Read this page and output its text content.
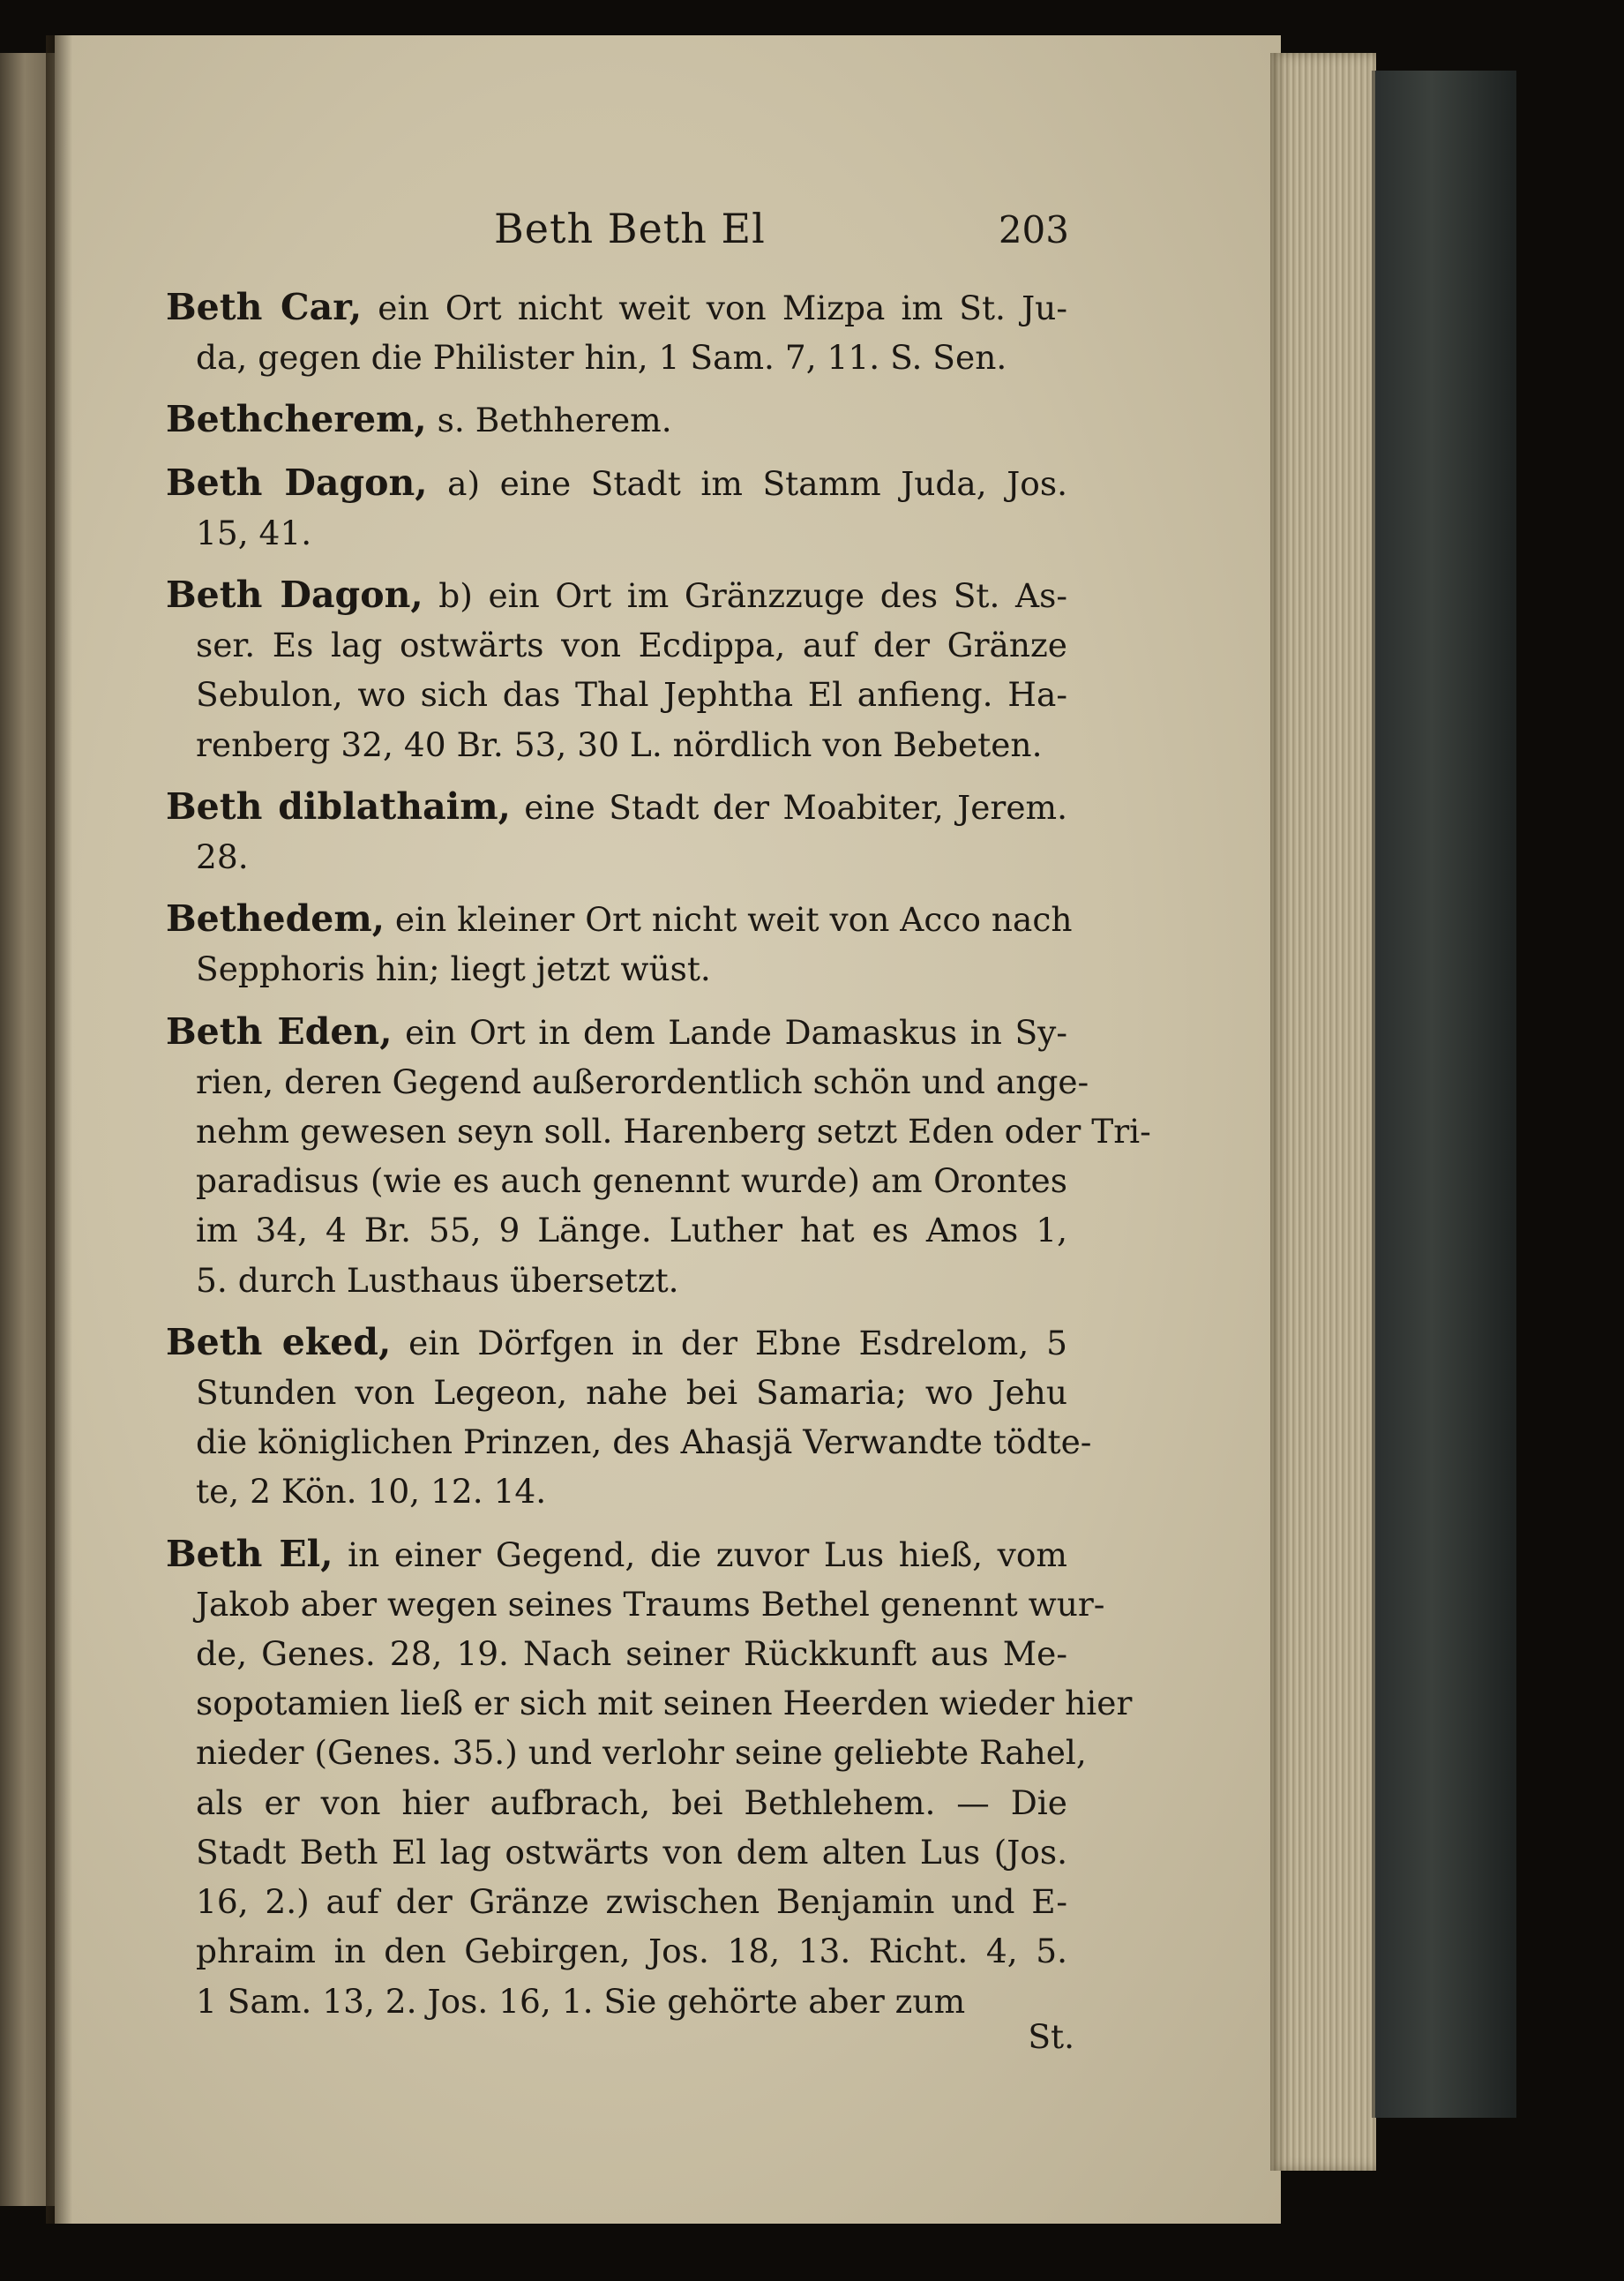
Beth Beth El	203
Beth Car, ein Ort nicht weit von Mizpa im St. Ju-
da, gegen die Philister hin, 1 Sam. 7, 11. S. Sen.
Bethcherem, s. Bethherem.
Beth Dagon, a) eine Stadt im Stamm Juda, Jos.
15, 41.
Beth Dagon, b) ein Ort im Gränzzuge des St. As-
ser. Es lag ostwärts von Ecdippa, auf der Gränze
Sebulon, wo sich das Thal Jephtha El anfieng. Ha-
renberg 32, 40 Br. 53, 30 L. nördlich von Bebeten.
Beth diblathaim, eine Stadt der Moabiter, Jerem.
28.
Bethedem, ein kleiner Ort nicht weit von Acco nach
Sepphoris hin; liegt jetzt wüst.
Beth Eden, ein Ort in dem Lande Damaskus in Sy-
rien, deren Gegend außerordentlich schön und ange-
nehm gewesen seyn soll. Harenberg setzt Eden oder Tri-
paradisus (wie es auch genennt wurde) am Orontes
im 34, 4 Br. 55, 9 Länge. Luther hat es Amos 1,
5. durch Lusthaus übersetzt.
Beth eked, ein Dörfgen in der Ebne Esdrelom, 5
Stunden von Legeon, nahe bei Samaria; wo Jehu
die königlichen Prinzen, des Ahasjä Verwandte tödte-
te, 2 Kön. 10, 12. 14.
Beth El, in einer Gegend, die zuvor Lus hieß, vom
Jakob aber wegen seines Traums Bethel genennt wur-
de, Genes. 28, 19. Nach seiner Rückkunft aus Me-
sopotamien ließ er sich mit seinen Heerden wieder hier
nieder (Genes. 35.) und verlohr seine geliebte Rahel,
als er von hier aufbrach, bei Bethlehem. — Die
Stadt Beth El lag ostwärts von dem alten Lus (Jos.
16, 2.) auf der Gränze zwischen Benjamin und E-
phraim in den Gebirgen, Jos. 18, 13. Richt. 4, 5.
1 Sam. 13, 2. Jos. 16, 1. Sie gehörte aber zum
St.
